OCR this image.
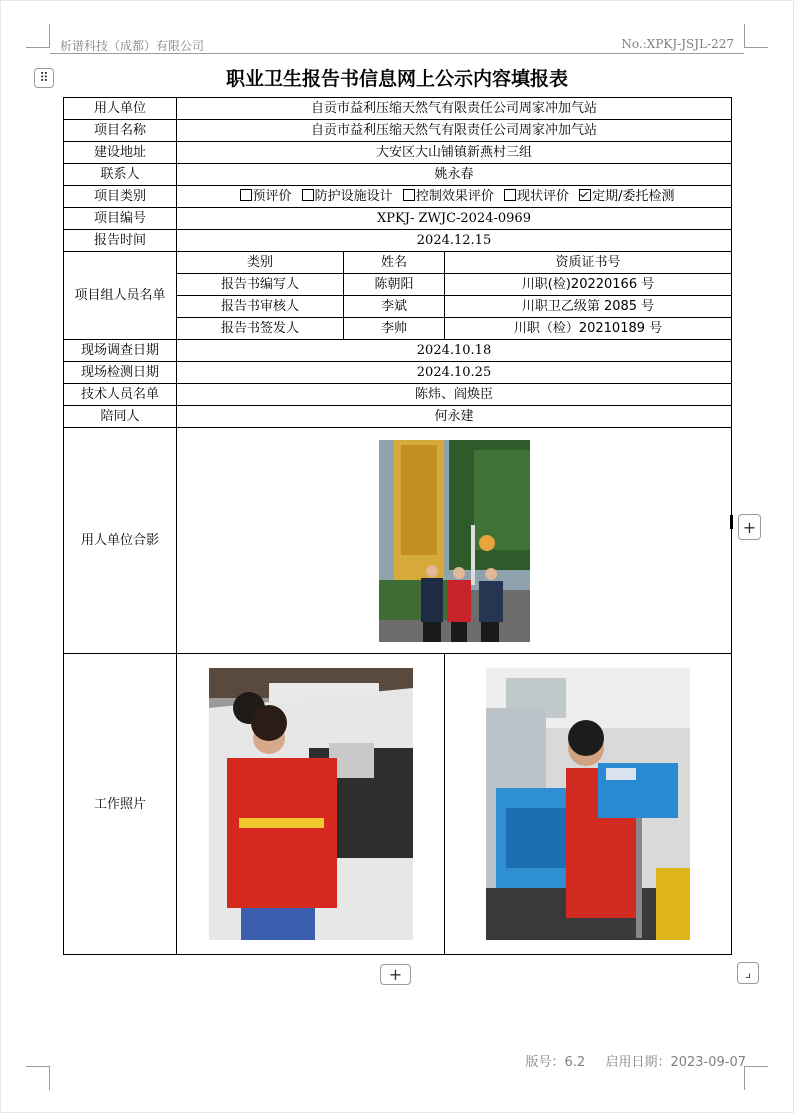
析谱科技（成都）有限公司	No.:XPKJ-JSJL-227
⠿	职业卫生报告书信息网上公示内容填报表
用人单位	自贡市益利压缩天然气有限责任公司周家冲加气站		
项目名称	自贡市益利压缩天然气有限责任公司周家冲加气站		
建设地址	大安区大山铺镇新燕村三组		
联系人	姚永春		
项目类别	预评价 防护设施设计 控制效果评价 现状评价 定期/委托检测		
项目编号	XPKJ- ZWJC-2024-0969		
报告时间	2024.12.15		
项目组人员名单	类别	姓名	资质证书号
	报告书编写人	陈朝阳	川职(检)20220166 号
	报告书审核人	李斌	川职卫乙级第 2085 号
	报告书签发人	李帅	川职（检）20210189 号
现场调查日期	2024.10.18		
现场检测日期	2024.10.25		
技术人员名单	陈炜、阎焕臣		
陪同人	何永建		
用人单位合影	

工作照片	

+
+	⌟
版号：6.2 启用日期：2023-09-07
